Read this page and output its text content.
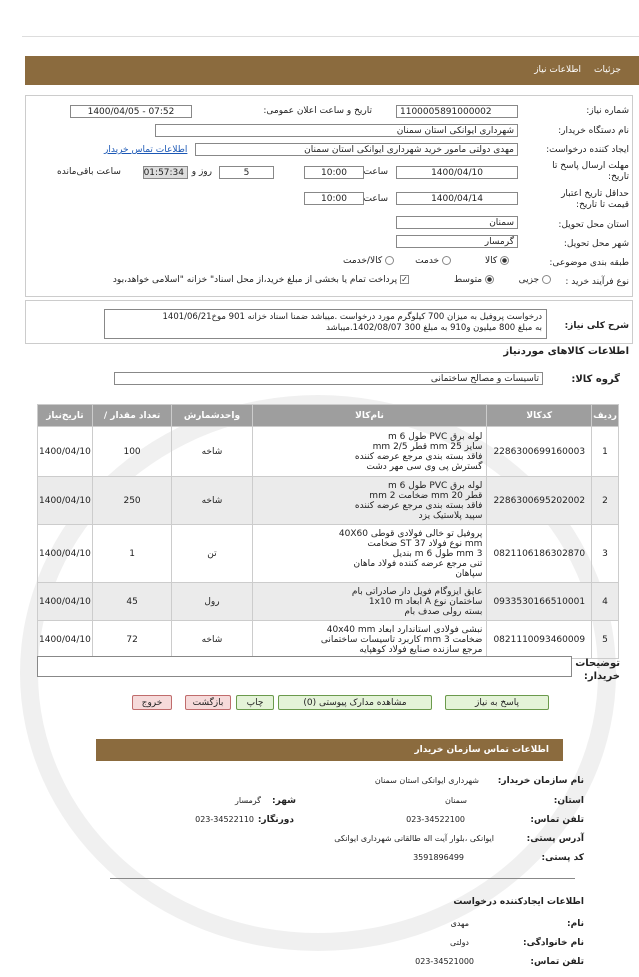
جزئیات
اطلاعات نیاز
شماره نیاز:
1100005891000002
تاریخ و ساعت اعلان عمومی:
1400/04/05 - 07:52
نام دستگاه خریدار:
شهرداری ایوانکی استان سمنان
ایجاد کننده درخواست:
مهدی دولتی مامور خرید شهرداری ایوانکی استان سمنان
اطلاعات تماس خریدار
مهلت ارسال پاسخ تا
تاریخ:
1400/04/10
ساعت
10:00
5
روز و
01:57:34
ساعت باقی‌مانده
حداقل تاریخ اعتبار
قیمت تا تاریخ:
1400/04/14
ساعت
10:00
استان محل تحویل:
سمنان
شهر محل تحویل:
گرمسار
طبقه بندی موضوعی:
کالا
خدمت
کالا/خدمت
نوع فرآیند خرید :
جزیی
متوسط
✓ پرداخت تمام یا بخشی از مبلغ خرید،از محل اسناد" خزانه "اسلامی خواهد،بود
شرح کلی نیاز:
درخواست پروفیل به میزان 700 کیلوگرم مورد درخواست .میباشد ضمنا اسناد خزانه 901 موخ1401/06/21
به مبلغ 800 میلیون و910 به مبلغ 300 1402/08/07.میباشد
اطلاعات کالاهای موردنیاز
گروه کالا:
تاسیسات و مصالح ساختمانی
ردیف	کدکالا	نام‌کالا	واحدشمارش	تعداد مقدار /	تاریخ‌نیاز
1	2286300699160003	لوله برق PVC طول 6 m
سایز 25 mm قطر 2/5 mm
فاقد بسته بندی مرجع عرضه کننده
گسترش پی وی سی مهر دشت	شاخه	100	1400/04/10
2	2286300695202002	لوله برق PVC طول 6 m
قطر 20 mm ضخامت 2 mm
فاقد بسته بندی مرجع عرضه کننده
سپید پلاستیک یزد	شاخه	250	1400/04/10
3	0821106186302870	پروفیل تو خالی فولادی قوطی 40X60
mm نوع فولاد 37 ST ضخامت
3 mm طول 6 m بندیل
تنی مرجع عرضه کننده فولاد ماهان
سپاهان	تن	1	1400/04/10
4	0933530166510001	عایق ایزوگام فویل دار صادراتی بام
ساختمان نوع A ابعاد 1x10 m
بسته رولی صدف بام	رول	45	1400/04/10
5	0821110093460009	نبشی فولادی استاندارد ابعاد 40x40 mm
ضخامت 3 mm کاربرد تاسیسات ساختمانی
مرجع سازنده صنایع فولاد کوهپایه	شاخه	72	1400/04/10
توضیحات
خریدار:
پاسخ به نیاز
مشاهده مدارک پیوستی (0)
چاپ
بازگشت
خروج
اطلاعات تماس سازمان خریدار
نام سازمان خریدار:
شهرداری ایوانکی استان سمنان
استان:
سمنان
شهر:
گرمسار
تلفن تماس:
023-34522100
دورنگار:
023-34522110
آدرس پستی:
ایوانکی ،بلوار آیت اله طالقانی شهرداری ایوانکی
کد پستی:
3591896499
اطلاعات ایجادکننده درخواست
نام:
مهدی
نام خانوادگی:
دولتی
تلفن تماس:
023-34521000
